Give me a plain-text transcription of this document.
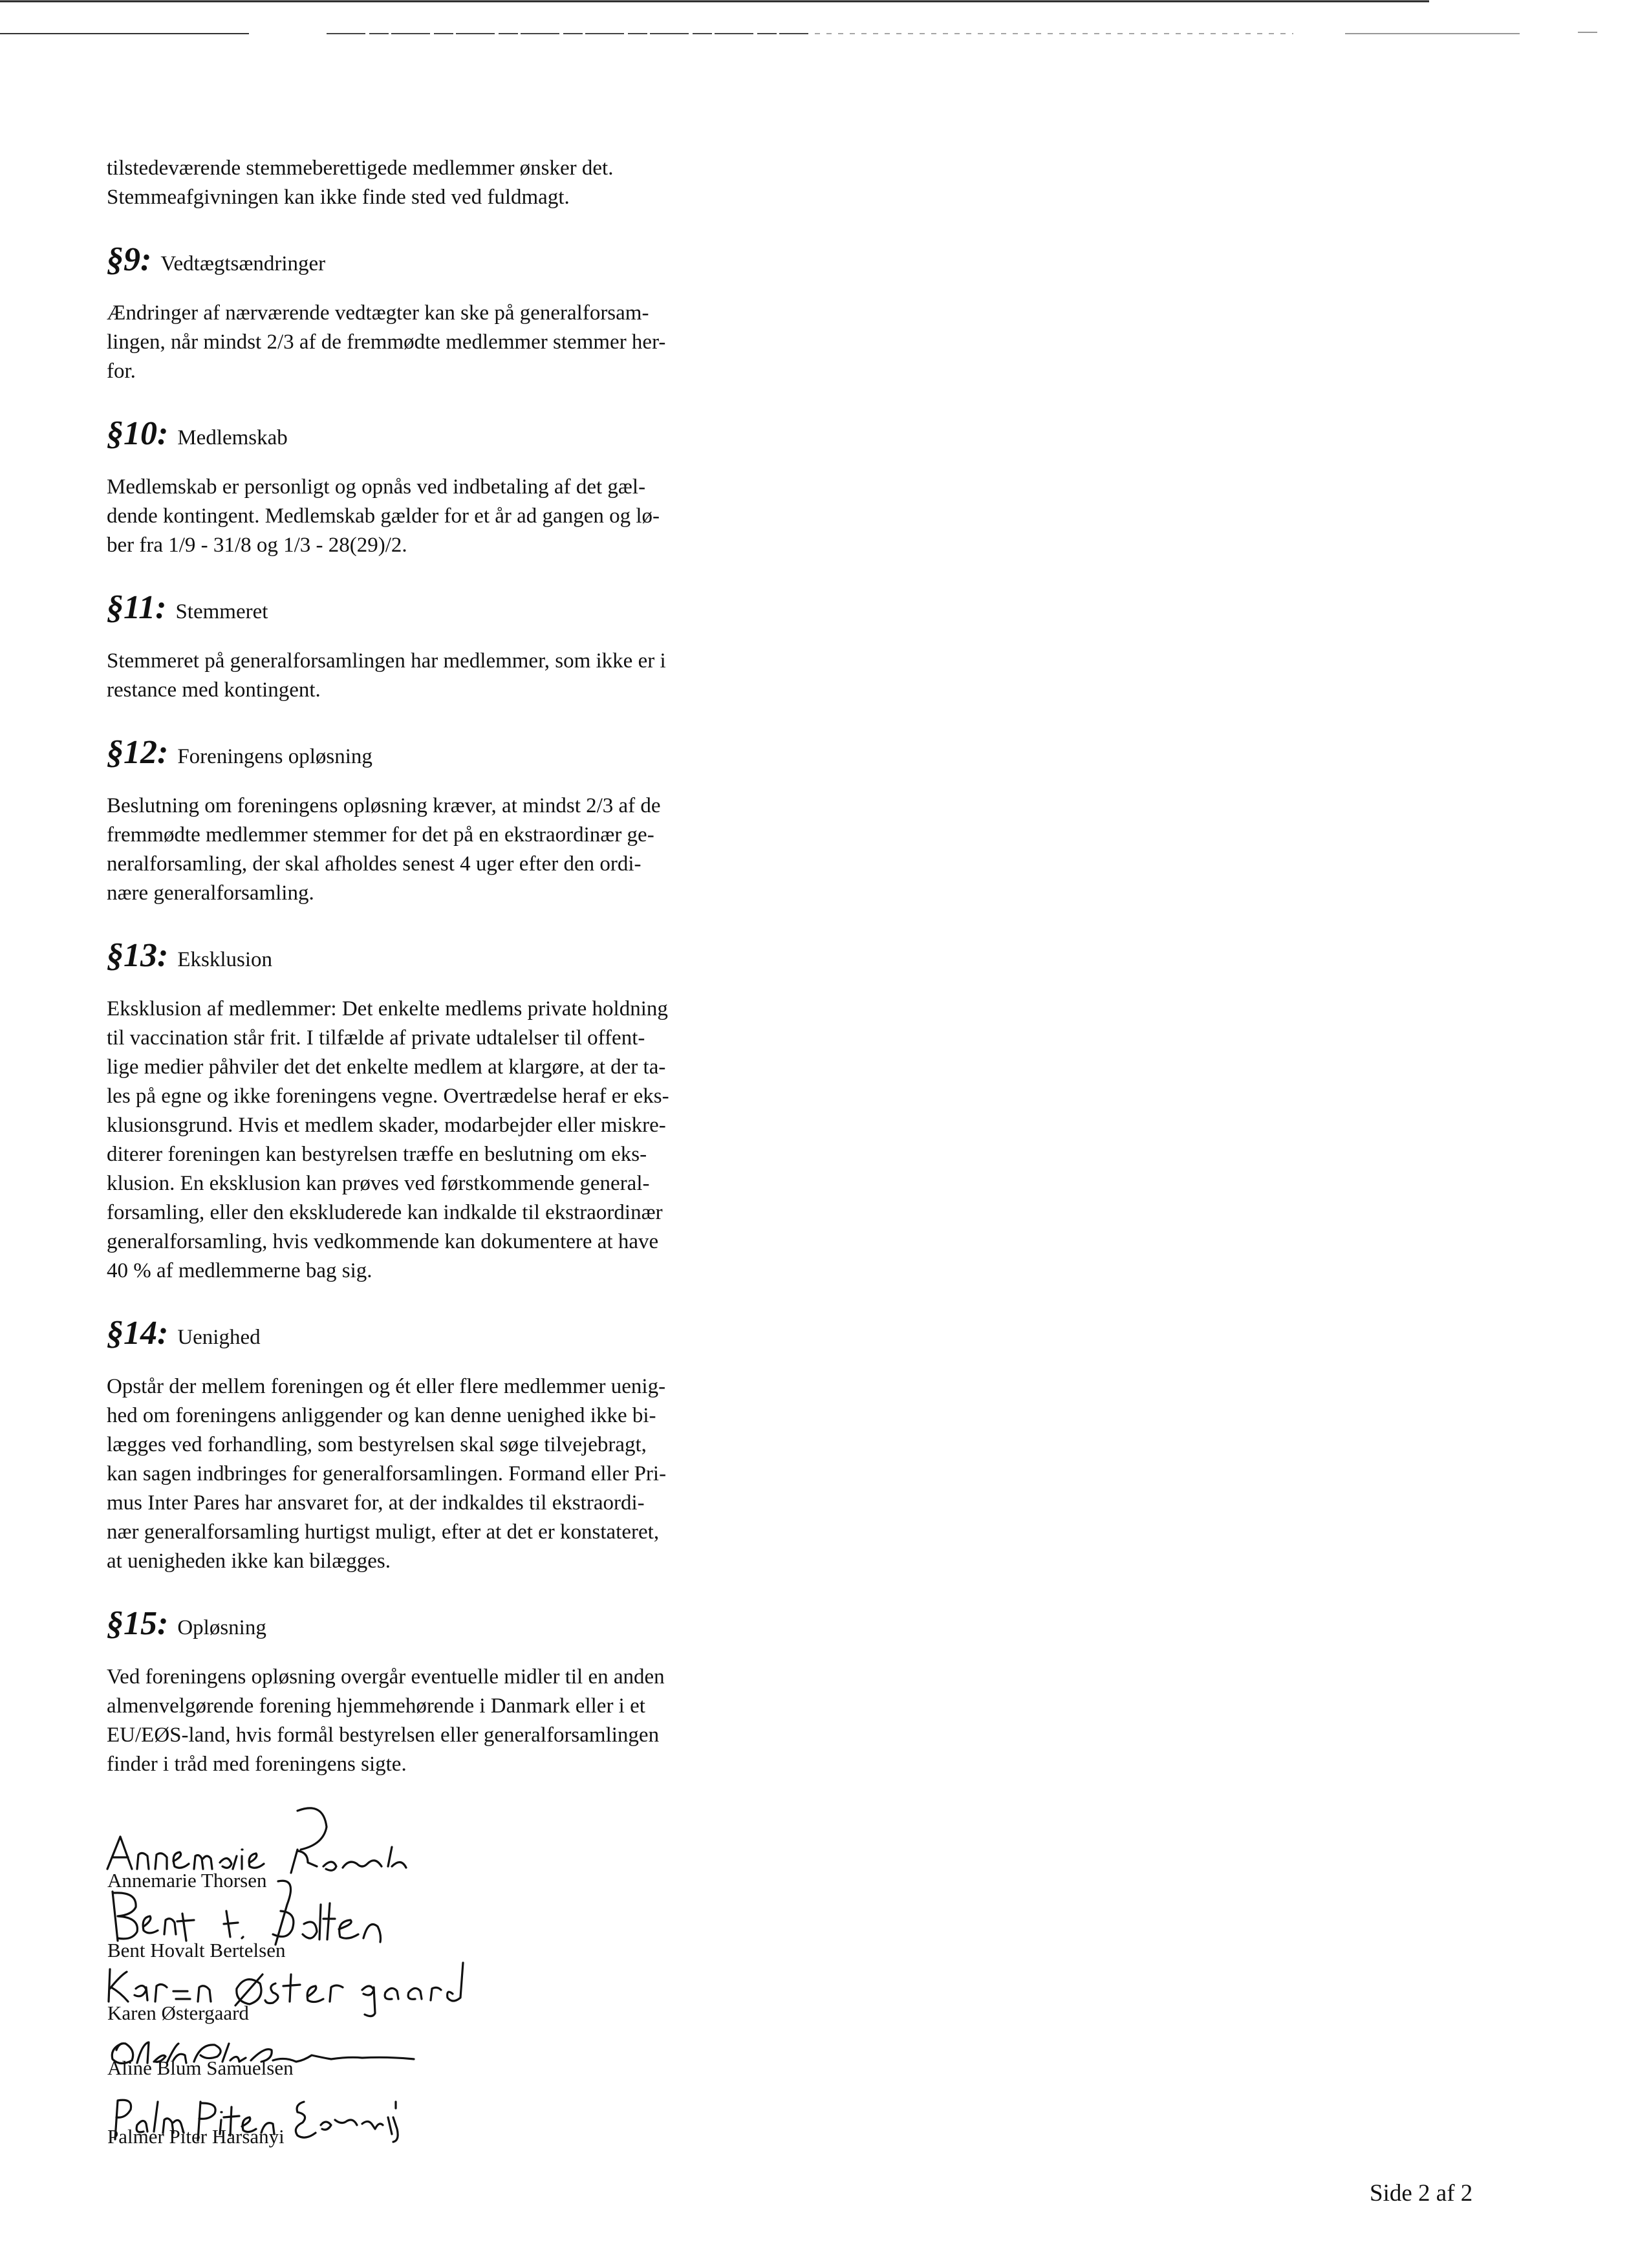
tilstedeværende stemmeberettigede medlemmer ønsker det.

Stemmeafgivningen kan ikke finde sted ved fuldmagt.

§9: Vedtægtsændringer

Ændringer af nærværende vedtægter kan ske på generalforsam-

lingen, når mindst 2/3 af de fremmødte medlemmer stemmer her-

for.

§10: Medlemskab

Medlemskab er personligt og opnås ved indbetaling af det gæl-

dende kontingent. Medlemskab gælder for et år ad gangen og lø-

ber fra 1/9 - 31/8 og 1/3 - 28(29)/2.

§11: Stemmeret

Stemmeret på generalforsamlingen har medlemmer, som ikke er i

restance med kontingent.

§12: Foreningens opløsning

Beslutning om foreningens opløsning kræver, at mindst 2/3 af de

fremmødte medlemmer stemmer for det på en ekstraordinær ge-

neralforsamling, der skal afholdes senest 4 uger efter den ordi-

nære generalforsamling.

§13: Eksklusion

Eksklusion af medlemmer: Det enkelte medlems private holdning

til vaccination står frit. I tilfælde af private udtalelser til offent-

lige medier påhviler det det enkelte medlem at klargøre, at der ta-

les på egne og ikke foreningens vegne. Overtrædelse heraf er eks-

klusionsgrund. Hvis et medlem skader, modarbejder eller miskre-

diterer foreningen kan bestyrelsen træffe en beslutning om eks-

klusion. En eksklusion kan prøves ved førstkommende general-

forsamling, eller den ekskluderede kan indkalde til ekstraordinær

generalforsamling, hvis vedkommende kan dokumentere at have

40 % af medlemmerne bag sig.

§14: Uenighed

Opstår der mellem foreningen og ét eller flere medlemmer uenig-

hed om foreningens anliggender og kan denne uenighed ikke bi-

lægges ved forhandling, som bestyrelsen skal søge tilvejebragt,

kan sagen indbringes for generalforsamlingen. Formand eller Pri-

mus Inter Pares har ansvaret for, at der indkaldes til ekstraordi-

nær generalforsamling hurtigst muligt, efter at det er konstateret,

at uenigheden ikke kan bilægges.

§15: Opløsning

Ved foreningens opløsning overgår eventuelle midler til en anden

almenvelgørende forening hjemmehørende i Danmark eller i et

EU/EØS-land, hvis formål bestyrelsen eller generalforsamlingen

finder i tråd med foreningens sigte.

Annemarie Thorsen
Bent Hovalt Bertelsen
Karen Østergaard
Aline Blum Samuelsen
Palmer Piter Harsanyi
Side 2 af 2
